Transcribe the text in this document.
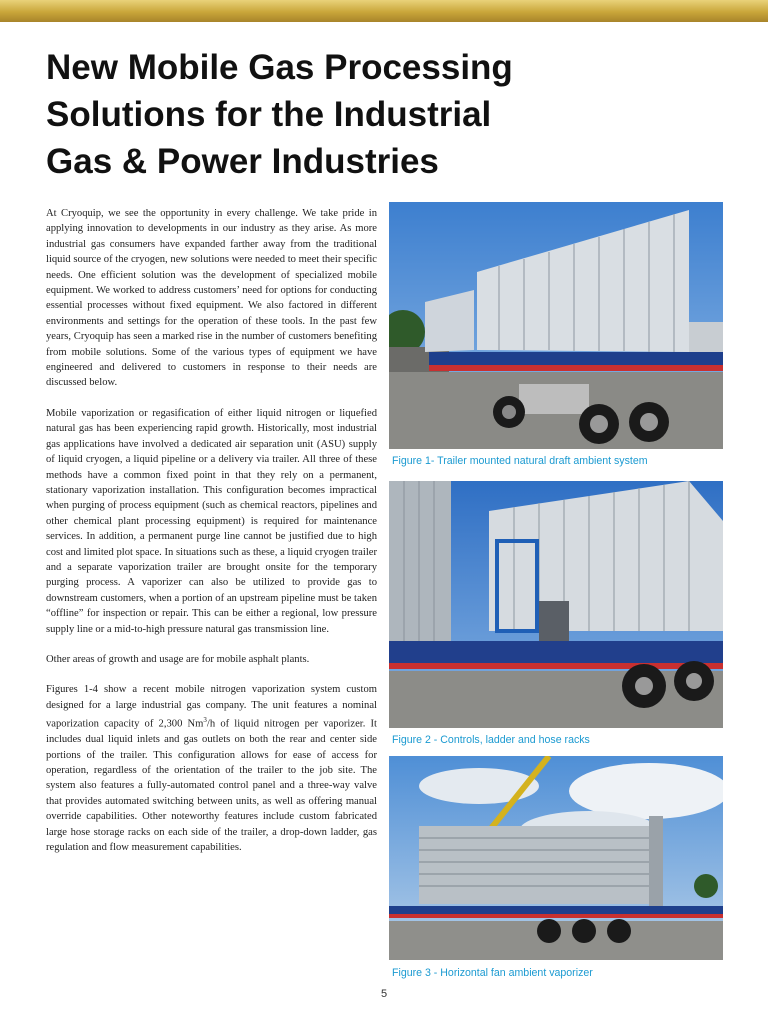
New Mobile Gas Processing
Solutions for the Industrial
Gas & Power Industries

At Cryoquip, we see the opportunity in every challenge. We take pride in applying innovation to developments in our industry as they arise. As more industrial gas consumers have expanded farther away from the traditional liquid source of the cryogen, new solutions were needed to meet their specific needs. One efficient solution was the development of specialized mobile equipment. We worked to address customers’ need for options for conducting essential processes without fixed equipment. We also factored in different environments and settings for the operation of these tools. In the past few years, Cryoquip has seen a marked rise in the number of customers benefiting from mobile solutions. Some of the various types of equipment we have engineered and delivered to customers in response to their needs are discussed below.

Mobile vaporization or regasification of either liquid nitrogen or liquefied natural gas has been experiencing rapid growth. Historically, most industrial gas applications have involved a dedicated air separation unit (ASU) supply of liquid cryogen, a liquid pipeline or a delivery via trailer. All three of these methods have a common fixed point in that they rely on a permanent, stationary vaporization installation. This configuration becomes impractical when purging of process equipment (such as chemical reactors, pipelines and other chemical plant processing equipment) is required for maintenance services. In addition, a permanent purge line cannot be justified due to high cost and limited plot space. In situations such as these, a liquid cryogen trailer and a separate vaporization trailer are brought onsite for the temporary purging process. A vaporizer can also be utilized to provide gas to downstream customers, when a portion of an upstream pipeline must be taken “offline” for inspection or repair. This can be either a regional, low pressure supply line or a mid-to-high pressure natural gas transmission line.

Other areas of growth and usage are for mobile asphalt plants.

Figures 1-4 show a recent mobile nitrogen vaporization system custom designed for a large industrial gas company. The unit features a nominal vaporization capacity of 2,300 Nm$^3$/h of liquid nitrogen per vaporizer. It includes dual liquid inlets and gas outlets on both the rear and center side portions of the trailer. This configuration allows for ease of access for operation, regardless of the orientation of the trailer to the job site. The system also features a fully-automated control panel and a three-way valve that provides automated switching between units, as well as offering manual override capabilities. Other noteworthy features include custom fabricated large hose storage racks on each side of the trailer, a drop-down ladder, gas regulation and flow measurement capabilities.

Figure 1- Trailer mounted natural draft ambient system
Figure 2 - Controls, ladder and hose racks
Figure 3 - Horizontal fan ambient vaporizer
5
